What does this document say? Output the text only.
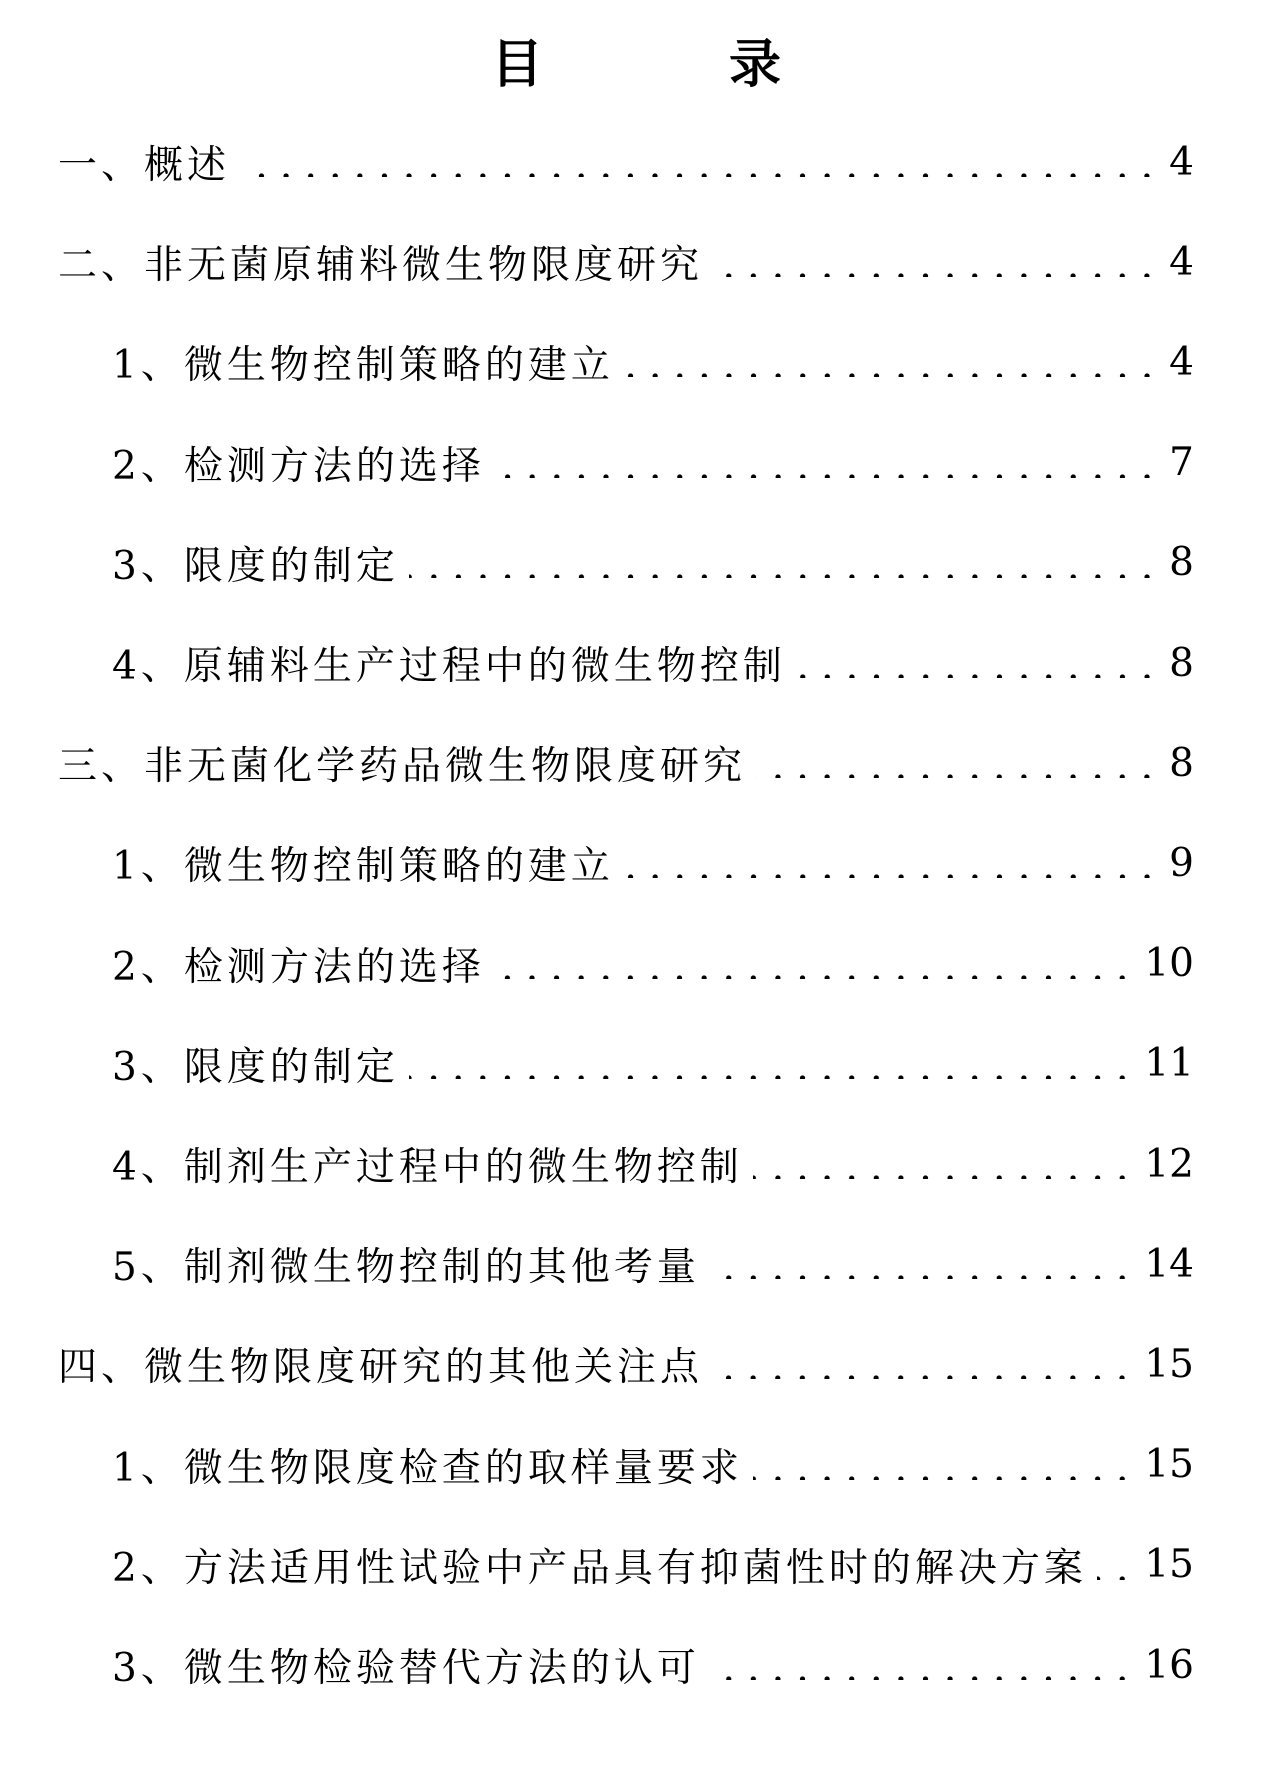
目 录
一、概述	4
二、非无菌原辅料微生物限度研究	4
1、微生物控制策略的建立	4
2、检测方法的选择	7
3、限度的制定	8
4、原辅料生产过程中的微生物控制	8
三、非无菌化学药品微生物限度研究	8
1、微生物控制策略的建立	9
2、检测方法的选择	10
3、限度的制定	11
4、制剂生产过程中的微生物控制	12
5、制剂微生物控制的其他考量	14
四、微生物限度研究的其他关注点	15
1、微生物限度检查的取样量要求	15
2、方法适用性试验中产品具有抑菌性时的解决方案 15
3、微生物检验替代方法的认可	16
